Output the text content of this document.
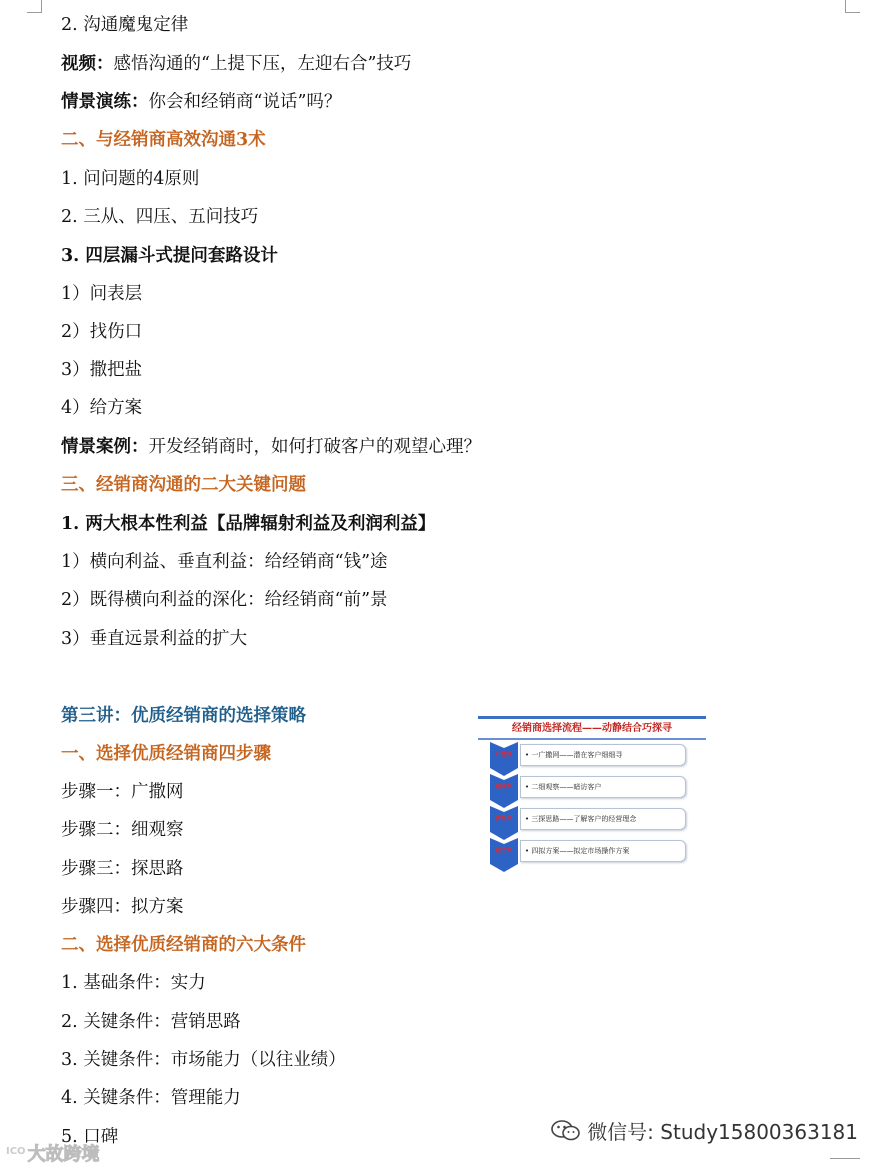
2. 沟通魔鬼定律
视频：感悟沟通的“上提下压，左迎右合”技巧
情景演练：你会和经销商“说话”吗？
二、与经销商高效沟通3术
1. 问问题的4原则
2. 三从、四压、五问技巧
3. 四层漏斗式提问套路设计
1）问表层
2）找伤口
3）撒把盐
4）给方案
情景案例：开发经销商时，如何打破客户的观望心理？
三、经销商沟通的二大关键问题
1. 两大根本性利益【品牌辐射利益及利润利益】
1）横向利益、垂直利益：给经销商“钱”途
2）既得横向利益的深化：给经销商“前”景
3）垂直远景利益的扩大
第三讲：优质经销商的选择策略
一、选择优质经销商四步骤
步骤一：广撒网
步骤二：细观察
步骤三：探思路
步骤四：拟方案
二、选择优质经销商的六大条件
1. 基础条件：实力
2. 关键条件：营销思路
3. 关键条件：市场能力（以往业绩）
4. 关键条件：管理能力
5. 口碑
经销商选择流程——动静结合巧探寻
广撒网	• 一广撒网——潜在客户细细寻
细观察	• 二细观察——暗访客户
探思路	• 三探思路——了解客户的经营理念
拟方案	• 四拟方案——拟定市场操作方案
微信号: Study15800363181
$^{ICO}$ 大故跨境
